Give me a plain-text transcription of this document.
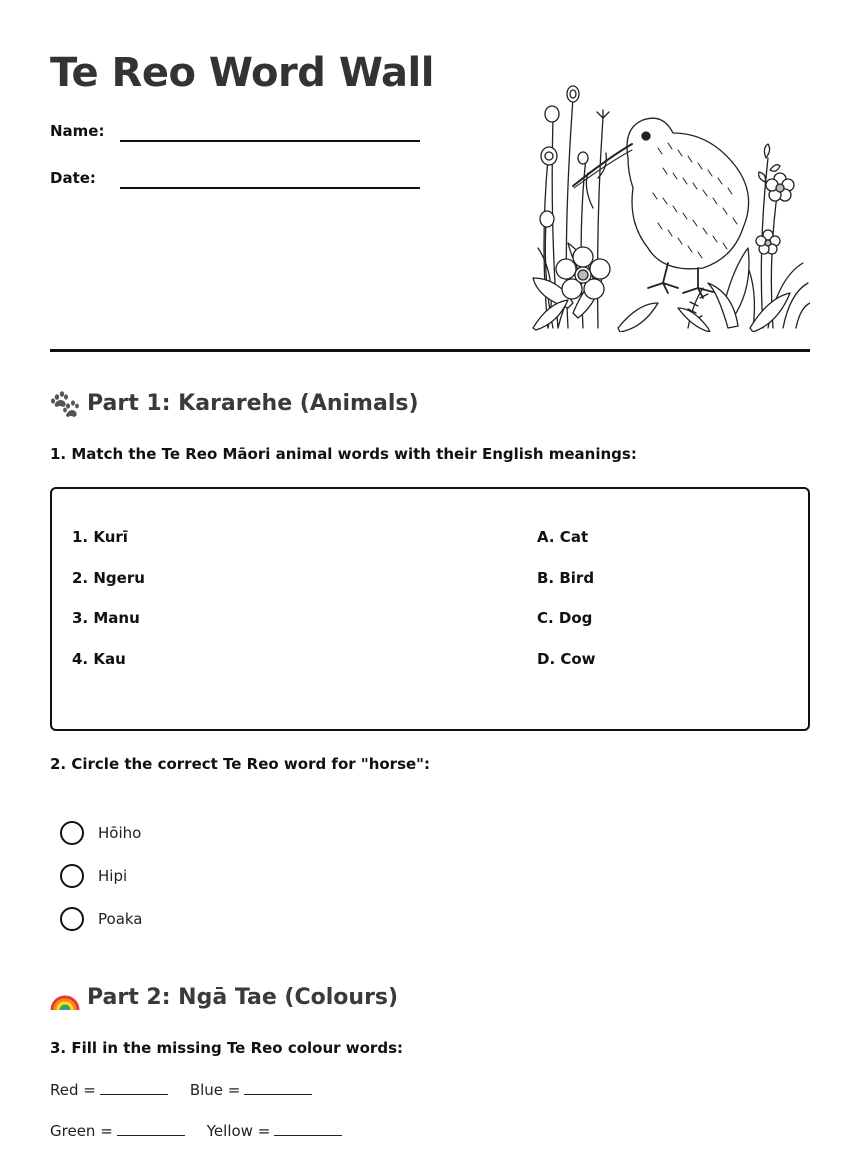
Te Reo Word Wall
Name:
Date:
Part 1: Kararehe (Animals)
1. Match the Te Reo Māori animal words with their English meanings:
1. Kurī
2. Ngeru
3. Manu
4. Kau
A. Cat
B. Bird
C. Dog
D. Cow
2. Circle the correct Te Reo word for "horse":
Hōiho
Hipi
Poaka
Part 2: Ngā Tae (Colours)
3. Fill in the missing Te Reo colour words:
Red =	Blue =
Green =	Yellow =
